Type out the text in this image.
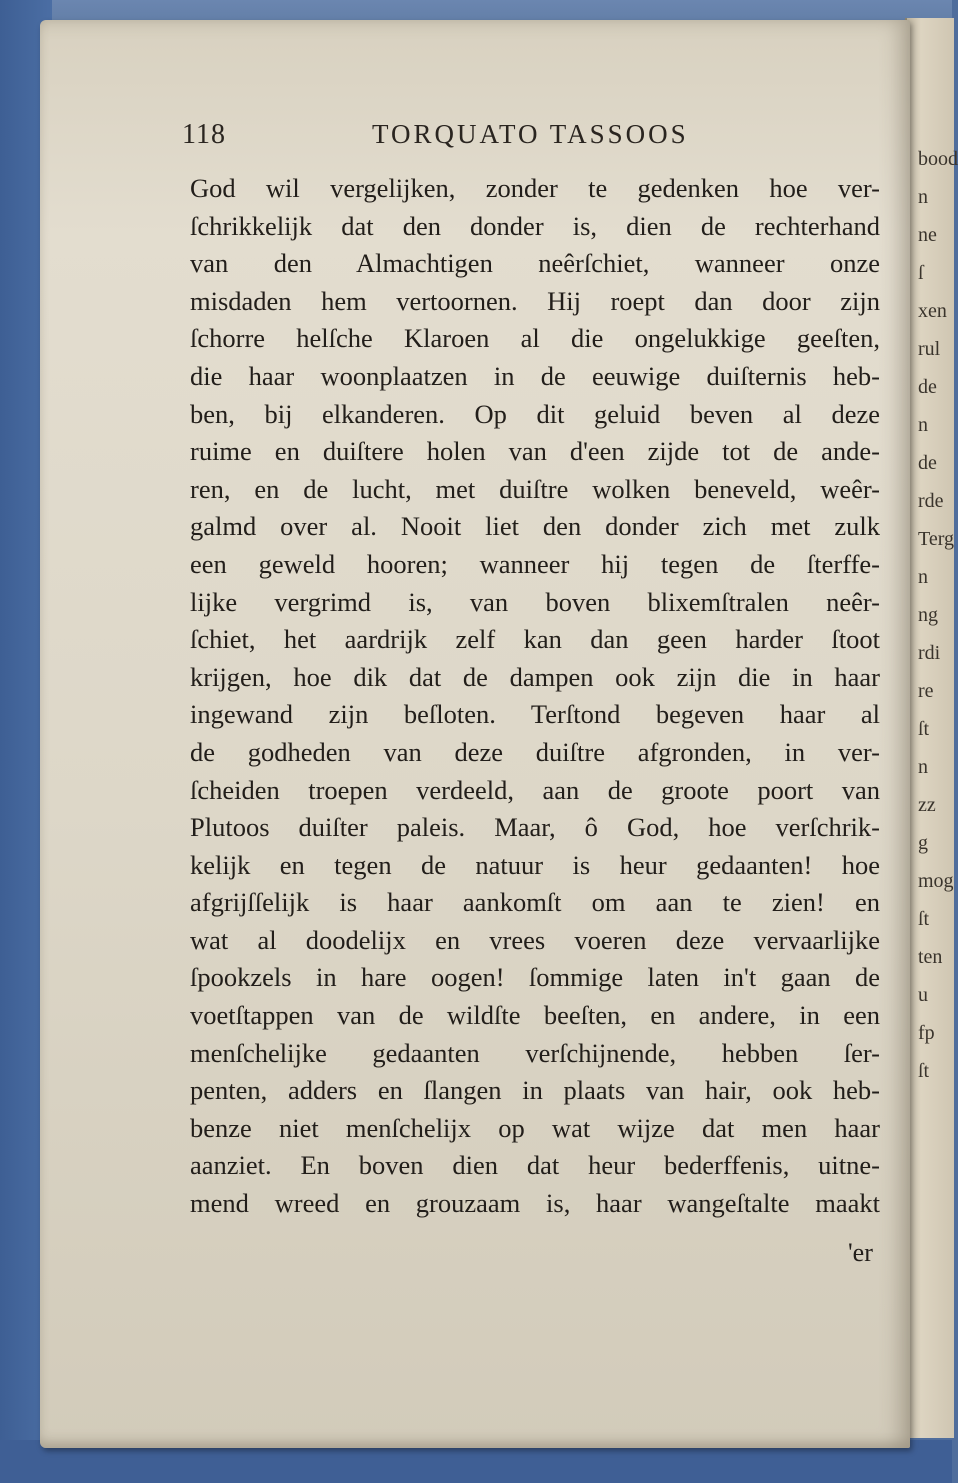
bood
n
ne
ſ
xen
rul
de
n
de
rde
Terg
n
ng
rdi
re
ſt
n
zz
g
mog
ſt
ten
u
fp
ſt
118	TORQUATO TASSOOS
God wil vergelijken, zonder te gedenken hoe ver-
ſchrikkelijk dat den donder is, dien de rechterhand
van den Almachtigen neêrſchiet, wanneer onze
misdaden hem vertoornen. Hij roept dan door zijn
ſchorre helſche Klaroen al die ongelukkige geeſten,
die haar woonplaatzen in de eeuwige duiſternis heb-
ben, bij elkanderen. Op dit geluid beven al deze
ruime en duiſtere holen van d'een zijde tot de ande-
ren, en de lucht, met duiſtre wolken beneveld, weêr-
galmd over al. Nooit liet den donder zich met zulk
een geweld hooren; wanneer hij tegen de ſterffe-
lijke vergrimd is, van boven blixemſtralen neêr-
ſchiet, het aardrijk zelf kan dan geen harder ſtoot
krijgen, hoe dik dat de dampen ook zijn die in haar
ingewand zijn beſloten. Terſtond begeven haar al
de godheden van deze duiſtre afgronden, in ver-
ſcheiden troepen verdeeld, aan de groote poort van
Plutoos duiſter paleis. Maar, ô God, hoe verſchrik-
kelijk en tegen de natuur is heur gedaanten! hoe
afgrijſſelijk is haar aankomſt om aan te zien! en
wat al doodelijx en vrees voeren deze vervaarlijke
ſpookzels in hare oogen! ſommige laten in't gaan de
voetſtappen van de wildſte beeſten, en andere, in een
menſchelijke gedaanten verſchijnende, hebben ſer-
penten, adders en ſlangen in plaats van hair, ook heb-
benze niet menſchelijx op wat wijze dat men haar
aanziet. En boven dien dat heur bederffenis, uitne-
mend wreed en grouzaam is, haar wangeſtalte maakt
'er
